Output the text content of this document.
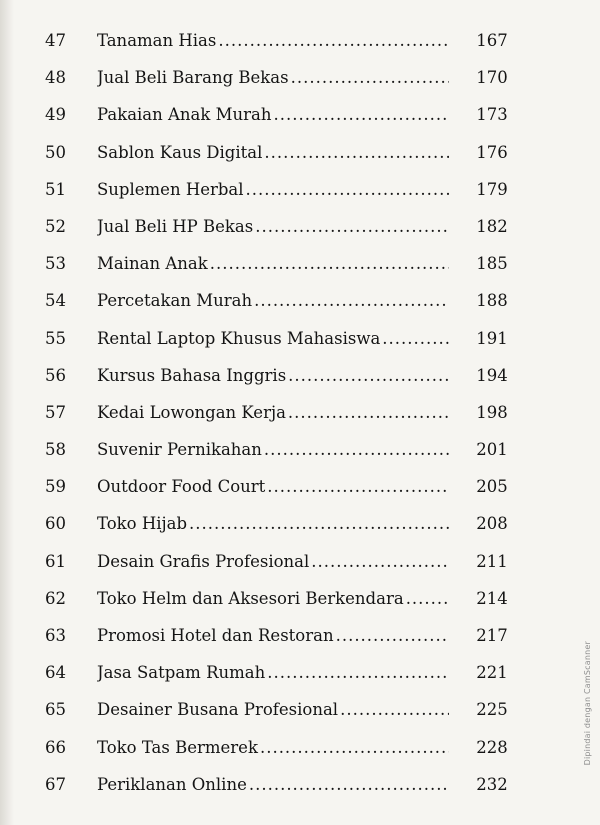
47	Tanaman Hias .....	167
48	Jual Beli Barang Bekas .....	170
49	Pakaian Anak Murah .....	173
50	Sablon Kaus Digital .....	176
51	Suplemen Herbal .....	179
52	Jual Beli HP Bekas .....	182
53	Mainan Anak .....	185
54	Percetakan Murah .....	188
55	Rental Laptop Khusus Mahasiswa .....	191
56	Kursus Bahasa Inggris .....	194
57	Kedai Lowongan Kerja .....	198
58	Suvenir Pernikahan .....	201
59	Outdoor Food Court .....	205
60	Toko Hijab .....	208
61	Desain Grafis Profesional .....	211
62	Toko Helm dan Aksesori Berkendara .....	214
63	Promosi Hotel dan Restoran .....	217
64	Jasa Satpam Rumah .....	221
65	Desainer Busana Profesional .....	225
66	Toko Tas Bermerek .....	228
67	Periklanan Online .....	232
Dipindai dengan CamScanner
